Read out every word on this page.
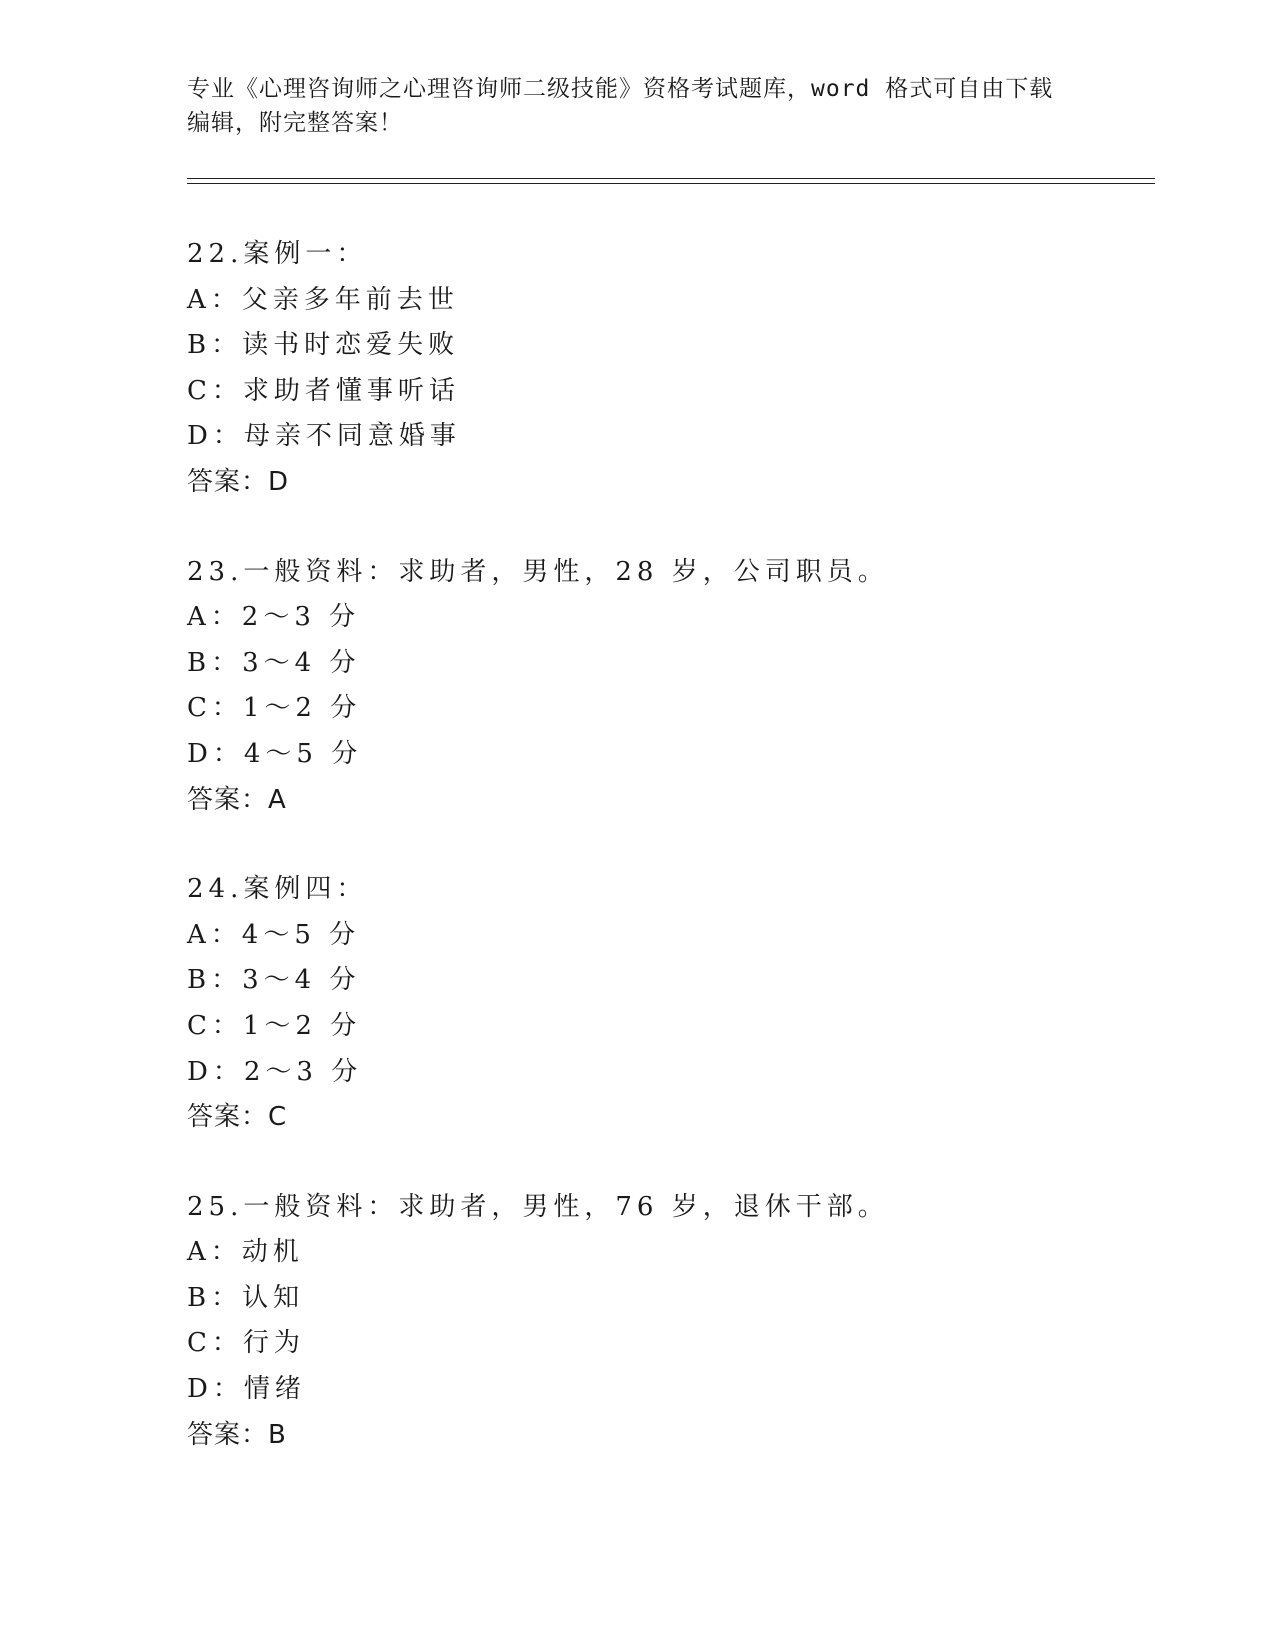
专业《心理咨询师之心理咨询师二级技能》资格考试题库，word 格式可自由下载
编辑，附完整答案！
22.案例一：
A：父亲多年前去世
B：读书时恋爱失败
C：求助者懂事听话
D：母亲不同意婚事
答案：D
23.一般资料：求助者，男性，28 岁，公司职员。
A：2～3 分
B：3～4 分
C：1～2 分
D：4～5 分
答案：A
24.案例四：
A：4～5 分
B：3～4 分
C：1～2 分
D：2～3 分
答案：C
25.一般资料：求助者，男性，76 岁，退休干部。
A：动机
B：认知
C：行为
D：情绪
答案：B
